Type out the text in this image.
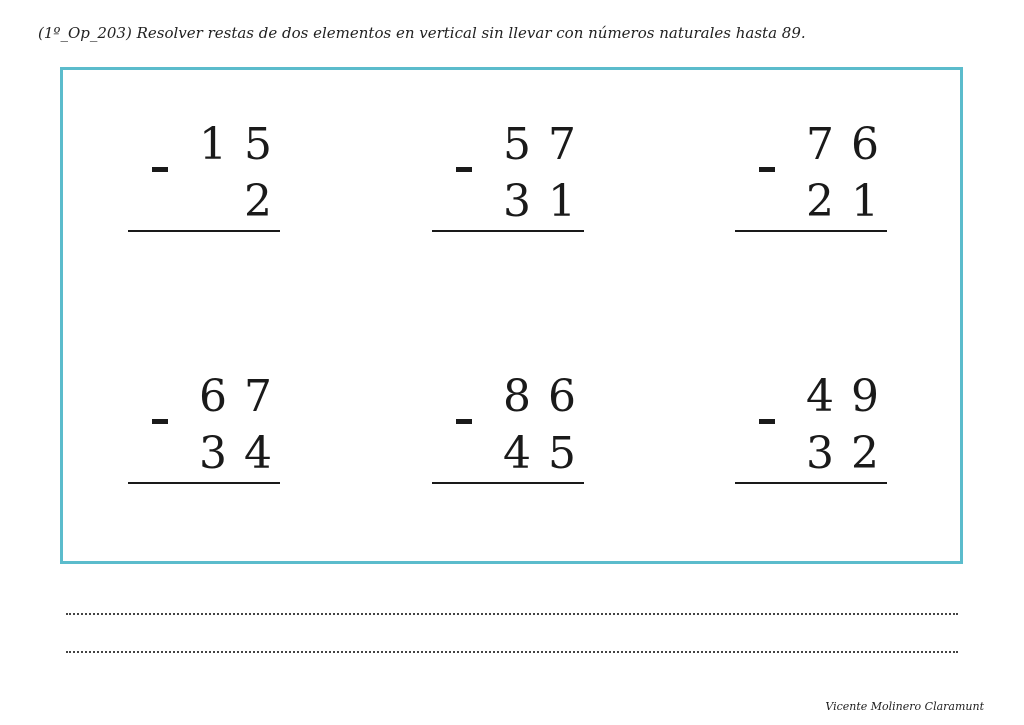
(1º_Op_203) Resolver restas de dos elementos en vertical sin llevar con números naturales hasta 89.
1 5
2
5 7
3 1
7 6
2 1
6 7
3 4
8 6
4 5
4 9
3 2
Vicente Molinero Claramunt
